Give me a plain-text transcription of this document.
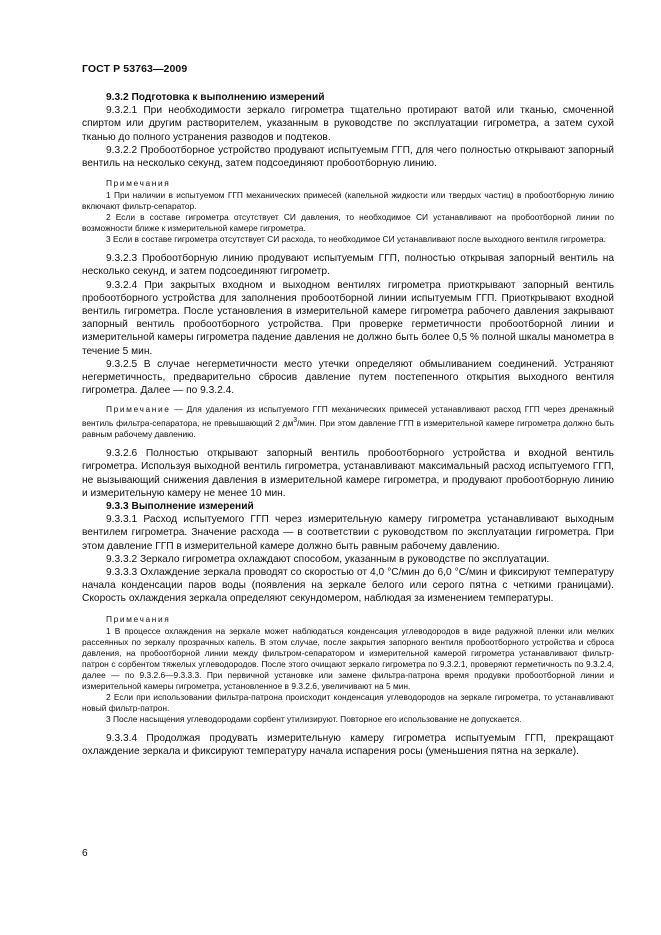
ГОСТ Р 53763—2009

9.3.2 Подготовка к выполнению измерений

9.3.2.1 При необходимости зеркало гигрометра тщательно протирают ватой или тканью, смоченной спиртом или другим растворителем, указанным в руководстве по эксплуатации гигрометра, а затем сухой тканью до полного устранения разводов и подтеков.

9.3.2.2 Пробоотборное устройство продувают испытуемым ГГП, для чего полностью открывают запорный вентиль на несколько секунд, затем подсоединяют пробоотборную линию.

Примечания

1 При наличии в испытуемом ГГП механических примесей (капельной жидкости или твердых частиц) в пробоотборную линию включают фильтр-сепаратор.

2 Если в составе гигрометра отсутствует СИ давления, то необходимое СИ устанавливают на пробоотборной линии по возможности ближе к измерительной камере гигрометра.

3 Если в составе гигрометра отсутствует СИ расхода, то необходимое СИ устанавливают после выходного вентиля гигрометра.

9.3.2.3 Пробоотборную линию продувают испытуемым ГГП, полностью открывая запорный вентиль на несколько секунд, и затем подсоединяют гигрометр.

9.3.2.4 При закрытых входном и выходном вентилях гигрометра приоткрывают запорный вентиль пробоотборного устройства для заполнения пробоотборной линии испытуемым ГГП. Приоткрывают входной вентиль гигрометра. После установления в измерительной камере гигрометра рабочего давления закрывают запорный вентиль пробоотборного устройства. При проверке герметичности пробоотборной линии и измерительной камеры гигрометра падение давления не должно быть более 0,5 % полной шкалы манометра в течение 5 мин.

9.3.2.5 В случае негерметичности место утечки определяют обмыливанием соединений. Устраняют негерметичность, предварительно сбросив давление путем постепенного открытия выходного вентиля гигрометра. Далее — по 9.3.2.4.

Примечание — Для удаления из испытуемого ГГП механических примесей устанавливают расход ГГП через дренажный вентиль фильтра-сепаратора, не превышающий 2 $дм^3$/мин. При этом давление ГГП в измерительной камере гигрометра должно быть равным рабочему давлению.

9.3.2.6 Полностью открывают запорный вентиль пробоотборного устройства и входной вентиль гигрометра. Используя выходной вентиль гигрометра, устанавливают максимальный расход испытуемого ГГП, не вызывающий снижения давления в измерительной камере гигрометра, и продувают пробоотборную линию и измерительную камеру не менее 10 мин.

9.3.3 Выполнение измерений

9.3.3.1 Расход испытуемого ГГП через измерительную камеру гигрометра устанавливают выходным вентилем гигрометра. Значение расхода — в соответствии с руководством по эксплуатации гигрометра. При этом давление ГГП в измерительной камере должно быть равным рабочему давлению.

9.3.3.2 Зеркало гигрометра охлаждают способом, указанным в руководстве по эксплуатации.

9.3.3.3 Охлаждение зеркала проводят со скоростью от 4,0 °С/мин до 6,0 °С/мин и фиксируют температуру начала конденсации паров воды (появления на зеркале белого или серого пятна с четкими границами). Скорость охлаждения зеркала определяют секундомером, наблюдая за изменением температуры.

Примечания

1 В процессе охлаждения на зеркале может наблюдаться конденсация углеводородов в виде радужной пленки или мелких рассеянных по зеркалу прозрачных капель. В этом случае, после закрытия запорного вентиля пробоотборного устройства и сброса давления, на пробоотборной линии между фильтром-сепаратором и измерительной камерой гигрометра устанавливают фильтр-патрон с сорбентом тяжелых углеводородов. После этого очищают зеркало гигрометра по 9.3.2.1, проверяют герметичность по 9.3.2.4, далее — по 9.3.2.6—9.3.3.3. При первичной установке или замене фильтра-патрона время продувки пробоотборной линии и измерительной камеры гигрометра, установленное в 9.3.2.6, увеличивают на 5 мин.

2 Если при использовании фильтра-патрона происходит конденсация углеводородов на зеркале гигрометра, то устанавливают новый фильтр-патрон.

3 После насыщения углеводородами сорбент утилизируют. Повторное его использование не допускается.

9.3.3.4 Продолжая продувать измерительную камеру гигрометра испытуемым ГГП, прекращают охлаждение зеркала и фиксируют температуру начала испарения росы (уменьшения пятна на зеркале).

6
